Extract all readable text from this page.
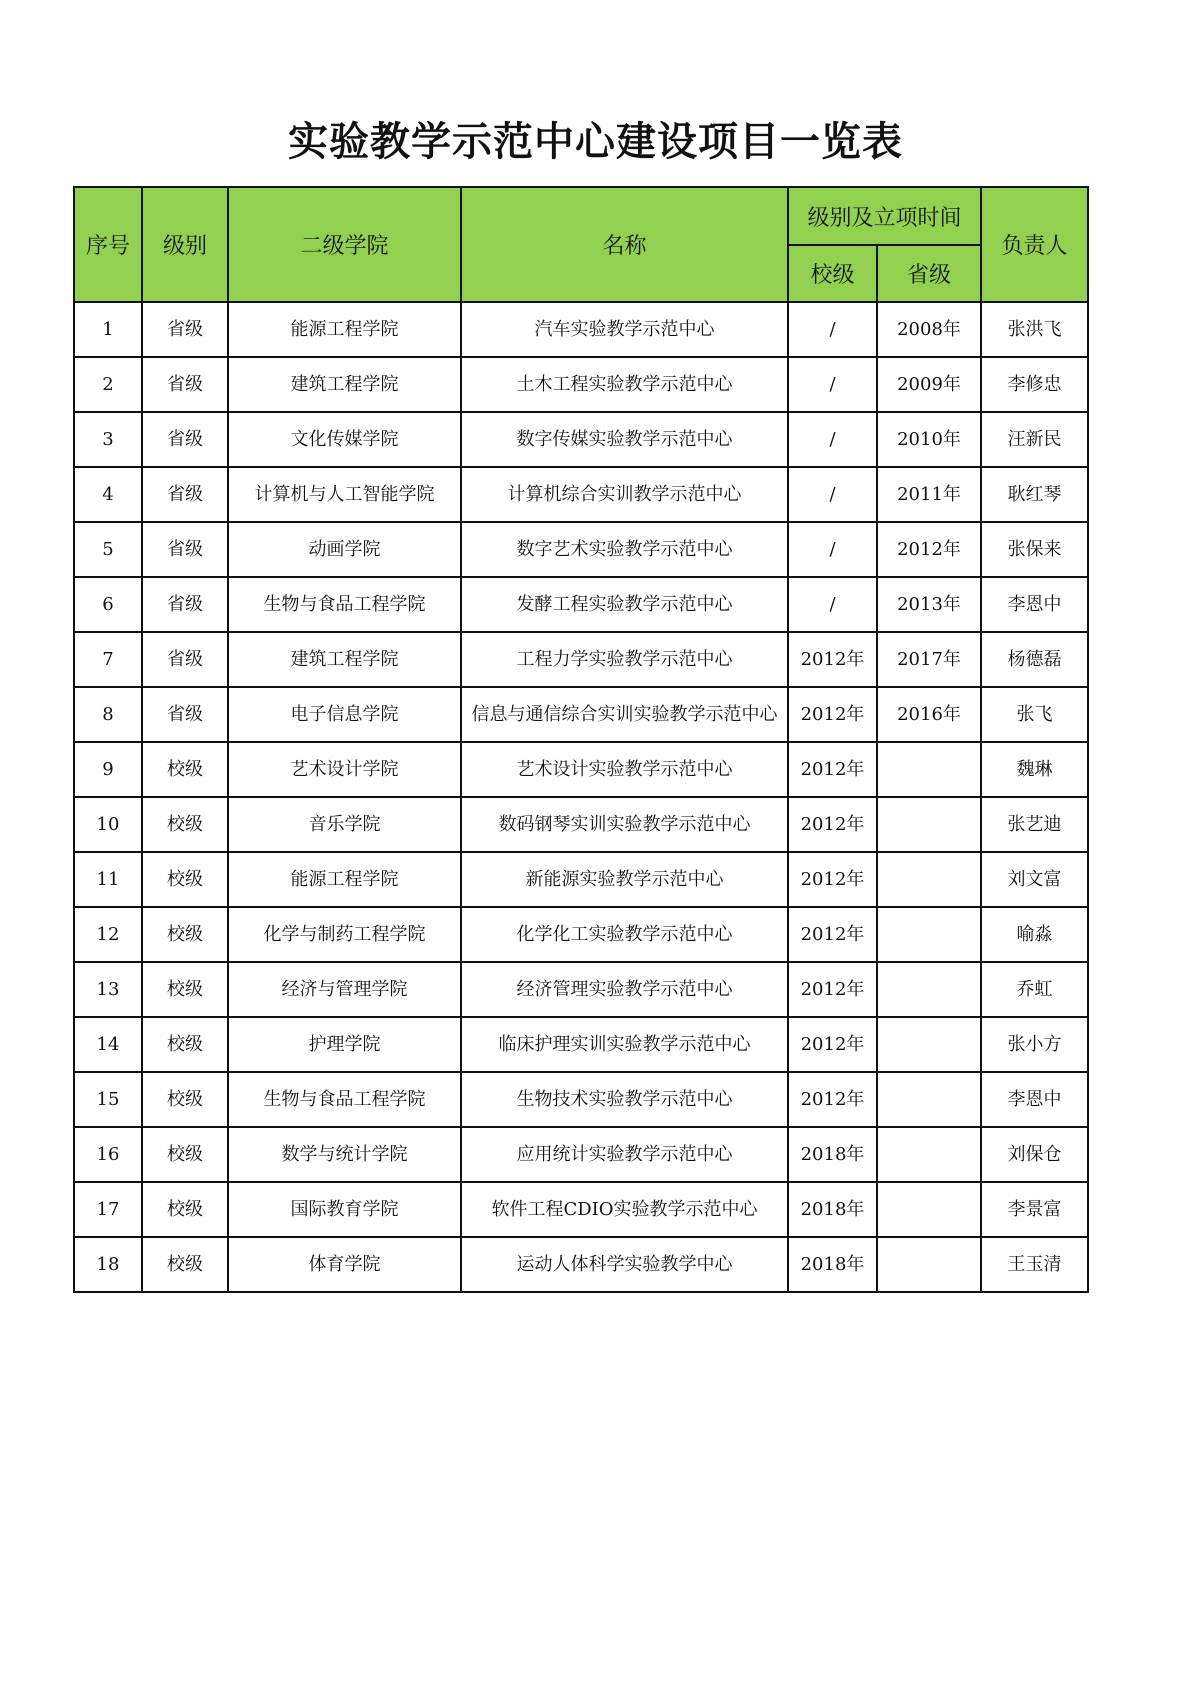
实验教学示范中心建设项目一览表
序号	级别	二级学院	名称	级别及立项时间		负责人
				校级	省级	
1	省级	能源工程学院	汽车实验教学示范中心	/	2008年	张洪飞
2	省级	建筑工程学院	土木工程实验教学示范中心	/	2009年	李修忠
3	省级	文化传媒学院	数字传媒实验教学示范中心	/	2010年	汪新民
4	省级	计算机与人工智能学院	计算机综合实训教学示范中心	/	2011年	耿红琴
5	省级	动画学院	数字艺术实验教学示范中心	/	2012年	张保来
6	省级	生物与食品工程学院	发酵工程实验教学示范中心	/	2013年	李恩中
7	省级	建筑工程学院	工程力学实验教学示范中心	2012年	2017年	杨德磊
8	省级	电子信息学院	信息与通信综合实训实验教学示范中心	2012年	2016年	张飞
9	校级	艺术设计学院	艺术设计实验教学示范中心	2012年		魏琳
10	校级	音乐学院	数码钢琴实训实验教学示范中心	2012年		张艺迪
11	校级	能源工程学院	新能源实验教学示范中心	2012年		刘文富
12	校级	化学与制药工程学院	化学化工实验教学示范中心	2012年		喻淼
13	校级	经济与管理学院	经济管理实验教学示范中心	2012年		乔虹
14	校级	护理学院	临床护理实训实验教学示范中心	2012年		张小方
15	校级	生物与食品工程学院	生物技术实验教学示范中心	2012年		李恩中
16	校级	数学与统计学院	应用统计实验教学示范中心	2018年		刘保仓
17	校级	国际教育学院	软件工程CDIO实验教学示范中心	2018年		李景富
18	校级	体育学院	运动人体科学实验教学中心	2018年		王玉清
